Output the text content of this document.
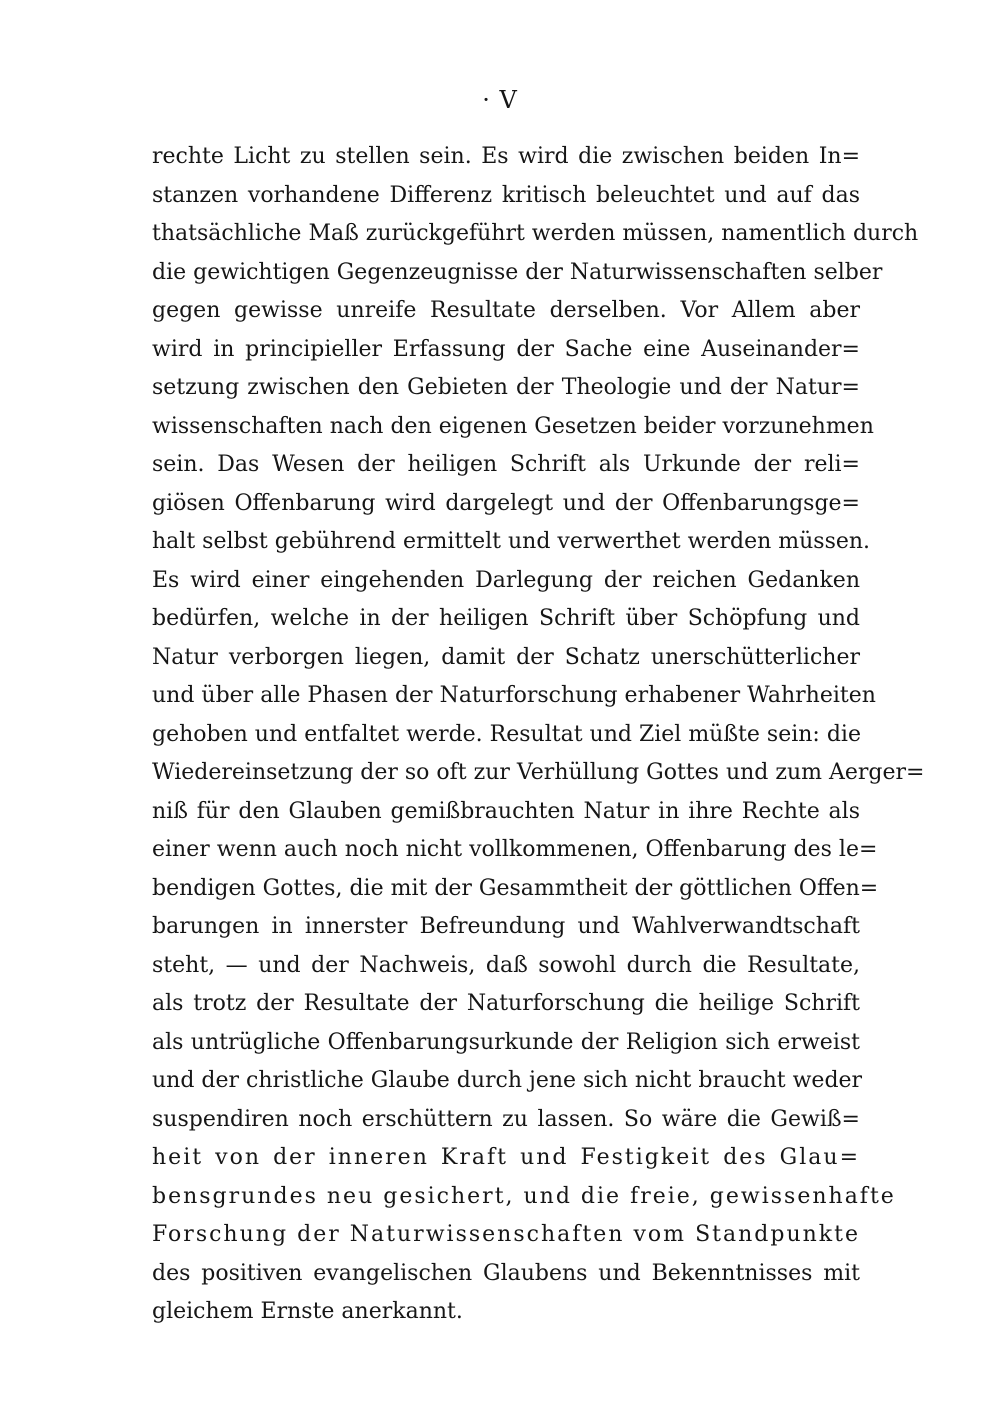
· V
rechte Licht zu stellen sein. Es wird die zwischen beiden In=
stanzen vorhandene Differenz kritisch beleuchtet und auf das
thatsächliche Maß zurückgeführt werden müssen, namentlich durch
die gewichtigen Gegenzeugnisse der Naturwissenschaften selber
gegen gewisse unreife Resultate derselben. Vor Allem aber
wird in principieller Erfassung der Sache eine Auseinander=
setzung zwischen den Gebieten der Theologie und der Natur=
wissenschaften nach den eigenen Gesetzen beider vorzunehmen
sein. Das Wesen der heiligen Schrift als Urkunde der reli=
giösen Offenbarung wird dargelegt und der Offenbarungsge=
halt selbst gebührend ermittelt und verwerthet werden müssen.
Es wird einer eingehenden Darlegung der reichen Gedanken
bedürfen, welche in der heiligen Schrift über Schöpfung und
Natur verborgen liegen, damit der Schatz unerschütterlicher
und über alle Phasen der Naturforschung erhabener Wahrheiten
gehoben und entfaltet werde. Resultat und Ziel müßte sein: die
Wiedereinsetzung der so oft zur Verhüllung Gottes und zum Aerger=
niß für den Glauben gemißbrauchten Natur in ihre Rechte als
einer wenn auch noch nicht vollkommenen, Offenbarung des le=
bendigen Gottes, die mit der Gesammtheit der göttlichen Offen=
barungen in innerster Befreundung und Wahlverwandtschaft
steht, — und der Nachweis, daß sowohl durch die Resultate,
als trotz der Resultate der Naturforschung die heilige Schrift
als untrügliche Offenbarungsurkunde der Religion sich erweist
und der christliche Glaube durch jene sich nicht braucht weder
suspendiren noch erschüttern zu lassen. So wäre die Gewiß=
heit von der inneren Kraft und Festigkeit des Glau=
bensgrundes neu gesichert, und die freie, gewissenhafte
Forschung der Naturwissenschaften vom Standpunkte
des positiven evangelischen Glaubens und Bekenntnisses mit
gleichem Ernste anerkannt.
